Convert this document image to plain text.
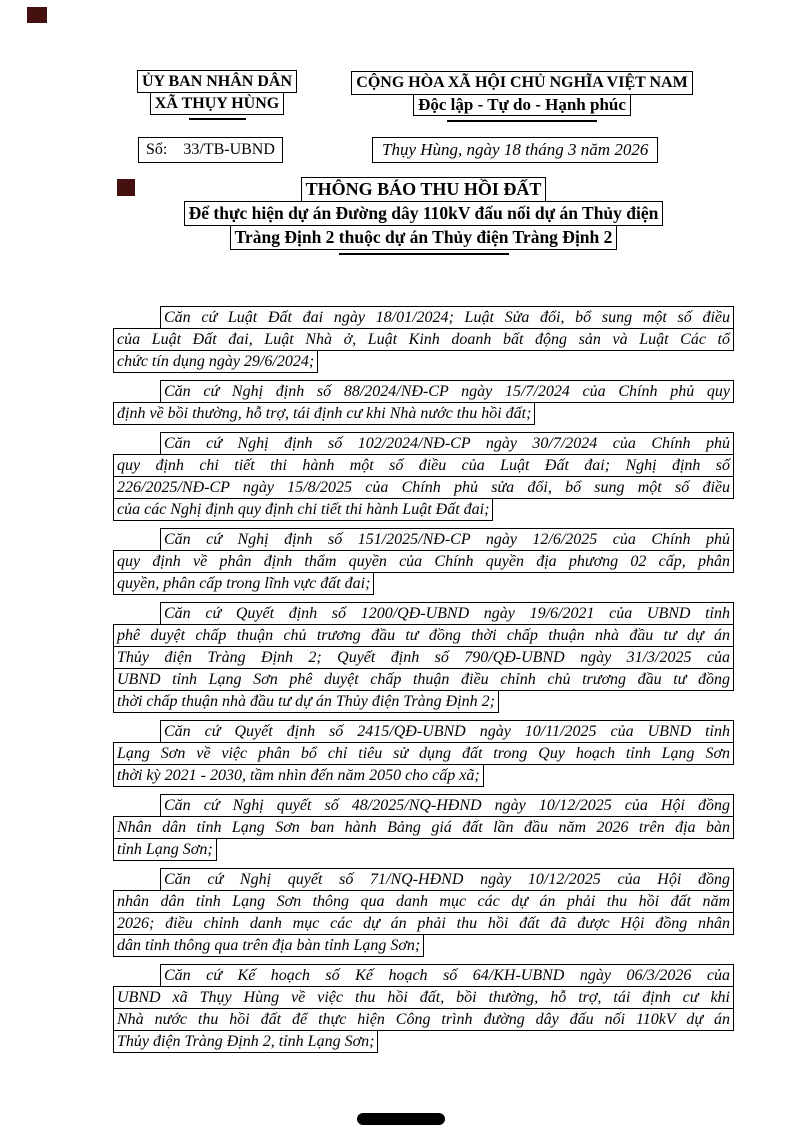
ỦY BAN NHÂN DÂN
XÃ THỤY HÙNG
Số:    33/TB-UBND
CỘNG HÒA XÃ HỘI CHỦ NGHĨA VIỆT NAM
Độc lập - Tự do - Hạnh phúc
Thụy Hùng, ngày 18 tháng 3 năm 2026
THÔNG BÁO THU HỒI ĐẤT
Để thực hiện dự án Đường dây 110kV đấu nối dự án Thủy điện
Tràng Định 2 thuộc dự án Thủy điện Tràng Định 2
Căn cứ Luật Đất đai ngày 18/01/2024; Luật Sửa đổi, bổ sung một số điều
của Luật Đất đai, Luật Nhà ở, Luật Kinh doanh bất động sản và Luật Các tổ
chức tín dụng ngày 29/6/2024;
Căn cứ Nghị định số 88/2024/NĐ-CP ngày 15/7/2024 của Chính phủ quy
định về bồi thường, hỗ trợ, tái định cư khi Nhà nước thu hồi đất;
Căn cứ Nghị định số 102/2024/NĐ-CP ngày 30/7/2024 của Chính phủ
quy định chi tiết thi hành một số điều của Luật Đất đai; Nghị định số
226/2025/NĐ-CP ngày 15/8/2025 của Chính phủ sửa đổi, bổ sung một số điều
của các Nghị định quy định chi tiết thi hành Luật Đất đai;
Căn cứ Nghị định số 151/2025/NĐ-CP ngày 12/6/2025 của Chính phủ
quy định về phân định thẩm quyền của Chính quyền địa phương 02 cấp, phân
quyền, phân cấp trong lĩnh vực đất đai;
Căn cứ Quyết định số 1200/QĐ-UBND ngày 19/6/2021 của UBND tỉnh
phê duyệt chấp thuận chủ trương đầu tư đồng thời chấp thuận nhà đầu tư dự án
Thủy điện Tràng Định 2; Quyết định số 790/QĐ-UBND ngày 31/3/2025 của
UBND tỉnh Lạng Sơn phê duyệt chấp thuận điều chỉnh chủ trương đầu tư đồng
thời chấp thuận nhà đầu tư dự án Thủy điện Tràng Định 2;
Căn cứ Quyết định số 2415/QĐ-UBND ngày 10/11/2025 của UBND tỉnh
Lạng Sơn về việc phân bổ chỉ tiêu sử dụng đất trong Quy hoạch tỉnh Lạng Sơn
thời kỳ 2021 - 2030, tầm nhìn đến năm 2050 cho cấp xã;
Căn cứ Nghị quyết số 48/2025/NQ-HĐND ngày 10/12/2025 của Hội đồng
Nhân dân tỉnh Lạng Sơn ban hành Bảng giá đất lần đầu năm 2026 trên địa bàn
tỉnh Lạng Sơn;
Căn cứ Nghị quyết số 71/NQ-HĐND ngày 10/12/2025 của Hội đồng
nhân dân tỉnh Lạng Sơn thông qua danh mục các dự án phải thu hồi đất năm
2026; điều chỉnh danh mục các dự án phải thu hồi đất đã được Hội đồng nhân
dân tỉnh thông qua trên địa bàn tỉnh Lạng Sơn;
Căn cứ Kế hoạch số Kế hoạch số 64/KH-UBND ngày 06/3/2026 của
UBND xã Thụy Hùng về việc thu hồi đất, bồi thường, hỗ trợ, tái định cư khi
Nhà nước thu hồi đất để thực hiện Công trình đường dây đấu nối 110kV dự án
Thủy điện Tràng Định 2, tỉnh Lạng Sơn;
